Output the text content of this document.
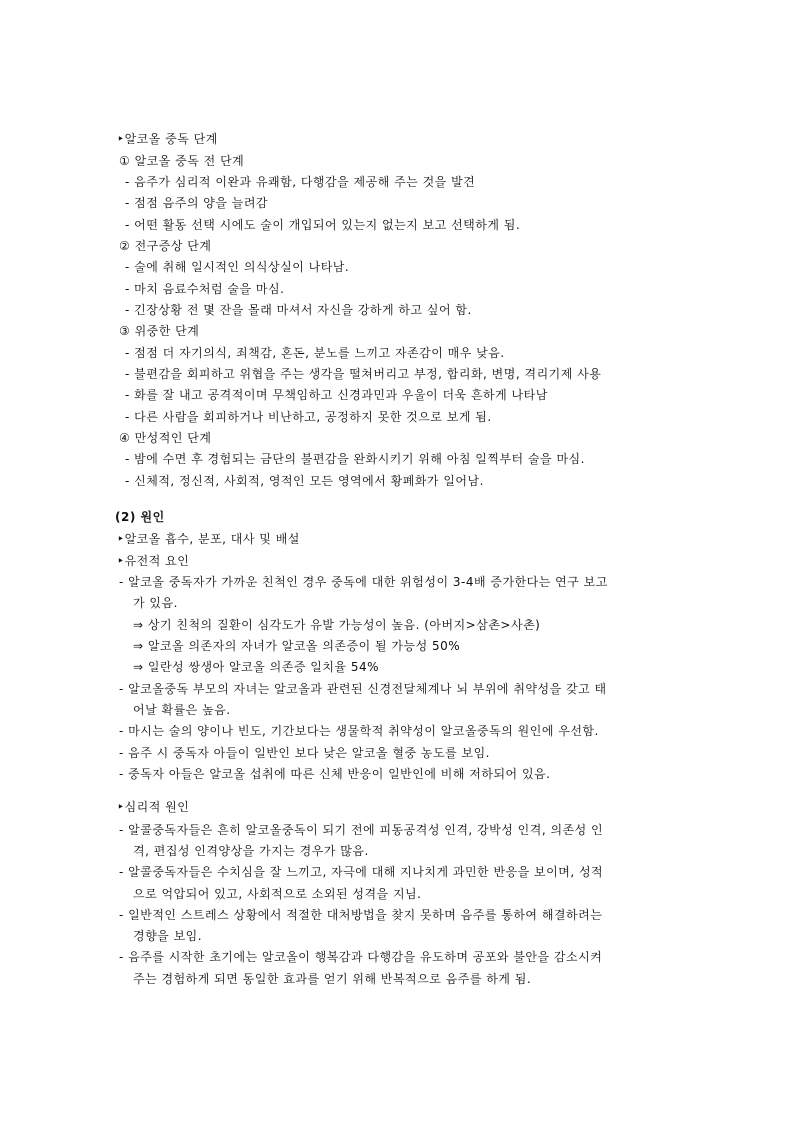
‣알코올 중독 단계
① 알코올 중독 전 단계
- 음주가 심리적 이완과 유쾌함, 다행감을 제공해 주는 것을 발견
- 점점 음주의 양을 늘려감
- 어떤 활동 선택 시에도 술이 개입되어 있는지 없는지 보고 선택하게 됨.
② 전구증상 단계
- 술에 취해 일시적인 의식상실이 나타남.
- 마치 음료수처럼 술을 마심.
- 긴장상황 전 몇 잔을 몰래 마셔서 자신을 강하게 하고 싶어 함.
③ 위중한 단계
- 점점 더 자기의식, 죄책감, 혼돈, 분노를 느끼고 자존감이 매우 낮음.
- 불편감을 회피하고 위협을 주는 생각을 떨쳐버리고 부정, 합리화, 변명, 격리기제 사용
- 화를 잘 내고 공격적이며 무책임하고 신경과민과 우울이 더욱 흔하게 나타남
- 다른 사람을 회피하거나 비난하고, 공정하지 못한 것으로 보게 됨.
④ 만성적인 단계
- 밤에 수면 후 경험되는 금단의 불편감을 완화시키기 위해 아침 일찍부터 술을 마심.
- 신체적, 정신적, 사회적, 영적인 모든 영역에서 황폐화가 일어남.
(2) 원인
‣알코올 흡수, 분포, 대사 및 배설
‣유전적 요인
- 알코올 중독자가 가까운 친척인 경우 중독에 대한 위험성이 3-4배 증가한다는 연구 보고
가 있음.
⇒ 상기 친척의 질환이 심각도가 유발 가능성이 높음. (아버지>삼촌>사촌)
⇒ 알코올 의존자의 자녀가 알코올 의존증이 될 가능성 50%
⇒ 일란성 쌍생아 알코올 의존증 일치율 54%
- 알코올중독 부모의 자녀는 알코올과 관련된 신경전달체계나 뇌 부위에 취약성을 갖고 태
어날 확률은 높음.
- 마시는 술의 양이나 빈도, 기간보다는 생물학적 취약성이 알코올중독의 원인에 우선함.
- 음주 시 중독자 아들이 일반인 보다 낮은 알코올 혈중 농도를 보임.
- 중독자 아들은 알코올 섭취에 따른 신체 반응이 일반인에 비해 저하되어 있음.
‣심리적 원인
- 알콜중독자들은 흔히 알코올중독이 되기 전에 피동공격성 인격, 강박성 인격, 의존성 인
격, 편집성 인격양상을 가지는 경우가 많음.
- 알콜중독자들은 수치심을 잘 느끼고, 자극에 대해 지나치게 과민한 반응을 보이며, 성적
으로 억압되어 있고, 사회적으로 소외된 성격을 지님.
- 일반적인 스트레스 상황에서 적절한 대처방법을 찾지 못하며 음주를 통하여 해결하려는
경향을 보임.
- 음주를 시작한 초기에는 알코올이 행복감과 다행감을 유도하며 공포와 불안을 감소시켜
주는 경험하게 되면 동일한 효과를 얻기 위해 반복적으로 음주를 하게 됨.
